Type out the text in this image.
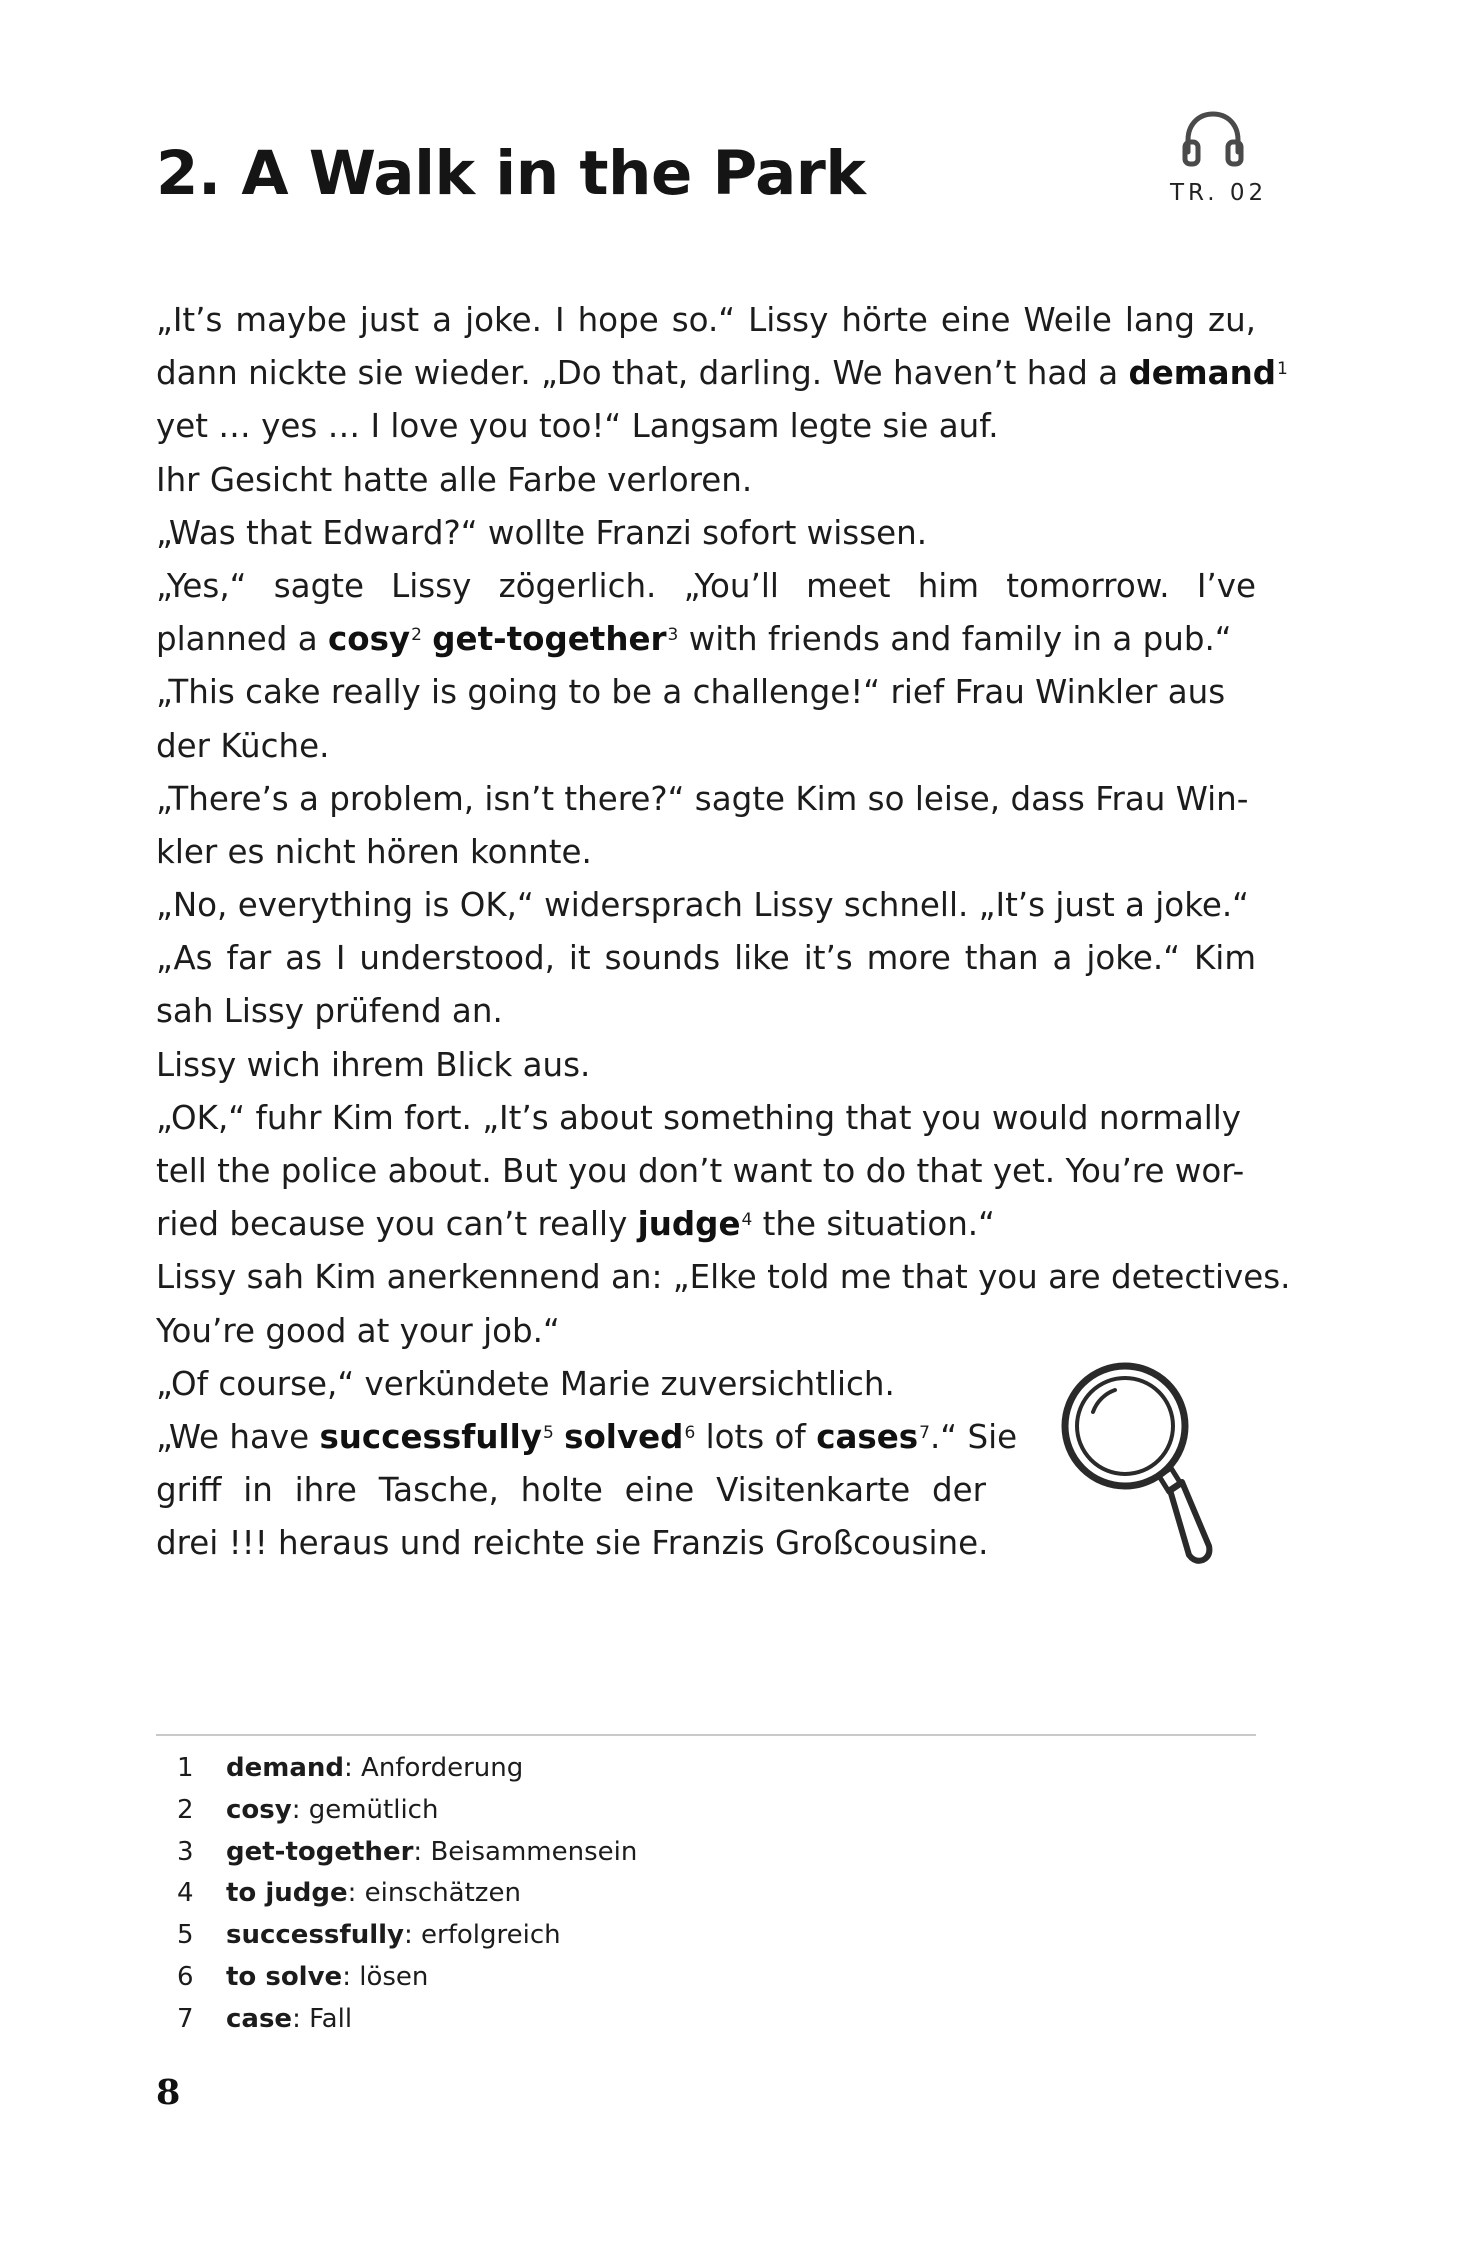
2. A Walk in the Park	TR. 02
„It’s maybe just a joke. I hope so.“ Lissy hörte eine Weile lang zu,
dann nickte sie wieder. „Do that, darling. We haven’t had a demand$^1$
yet … yes … I love you too!“ Langsam legte sie auf.
Ihr Gesicht hatte alle Farbe verloren.
„Was that Edward?“ wollte Franzi sofort wissen.
„Yes,“ sagte Lissy zögerlich. „You’ll meet him tomorrow. I’ve
planned a cosy$^2$ get-together$^3$ with friends and family in a pub.“
„This cake really is going to be a challenge!“ rief Frau Winkler aus
der Küche.
„There’s a problem, isn’t there?“ sagte Kim so leise, dass Frau Win-
kler es nicht hören konnte.
„No, everything is OK,“ widersprach Lissy schnell. „It’s just a joke.“
„As far as I understood, it sounds like it’s more than a joke.“ Kim
sah Lissy prüfend an.
Lissy wich ihrem Blick aus.
„OK,“ fuhr Kim fort. „It’s about something that you would normally
tell the police about. But you don’t want to do that yet. You’re wor-
ried because you can’t really judge$^4$ the situation.“
Lissy sah Kim anerkennend an: „Elke told me that you are detectives.
You’re good at your job.“
„Of course,“ verkündete Marie zuversichtlich.
„We have successfully$^5$ solved$^6$ lots of cases$^7$.“ Sie
griff in ihre Tasche, holte eine Visitenkarte der
drei !!! heraus und reichte sie Franzis Großcousine.
1 demand: Anforderung
2 cosy: gemütlich
3 get-together: Beisammensein
4 to judge: einschätzen
5 successfully: erfolgreich
6 to solve: lösen
7 case: Fall
8
